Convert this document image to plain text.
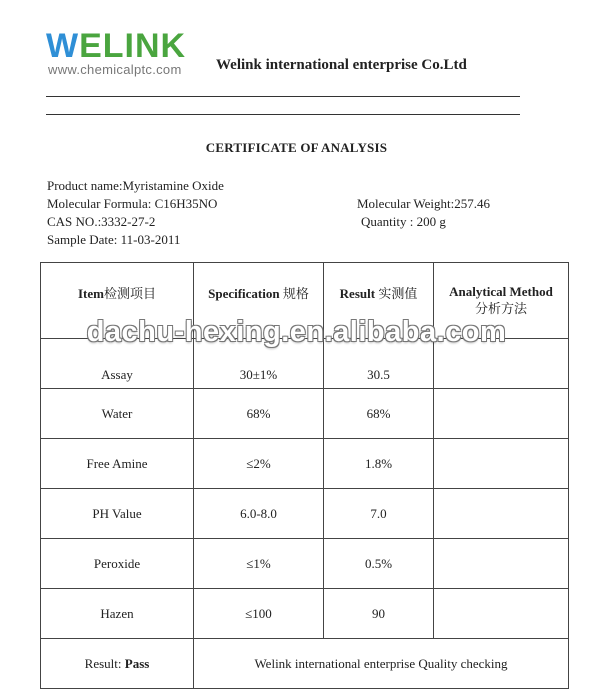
WELINK
www.chemicalptc.com Welink international enterprise Co.Ltd
CERTIFICATE OF ANALYSIS
Product name:Myristamine Oxide
Molecular Formula: C16H35NO	Molecular Weight:257.46
CAS NO.:3332-27-2	Quantity : 200 g
Sample Date: 11-03-2011
Item检测项目	Specification 规格	Result 实测值	Analytical Method
分析方法

Assay	30±1%	30.5	

Water	68%	68%	
Free Amine	≤2%	1.8%	
PH Value	6.0-8.0	7.0	
Peroxide	≤1%	0.5%	
Hazen	≤100	90	
Result: Pass	Welink international enterprise Quality checking		
dachu-hexing.en.alibaba.com
